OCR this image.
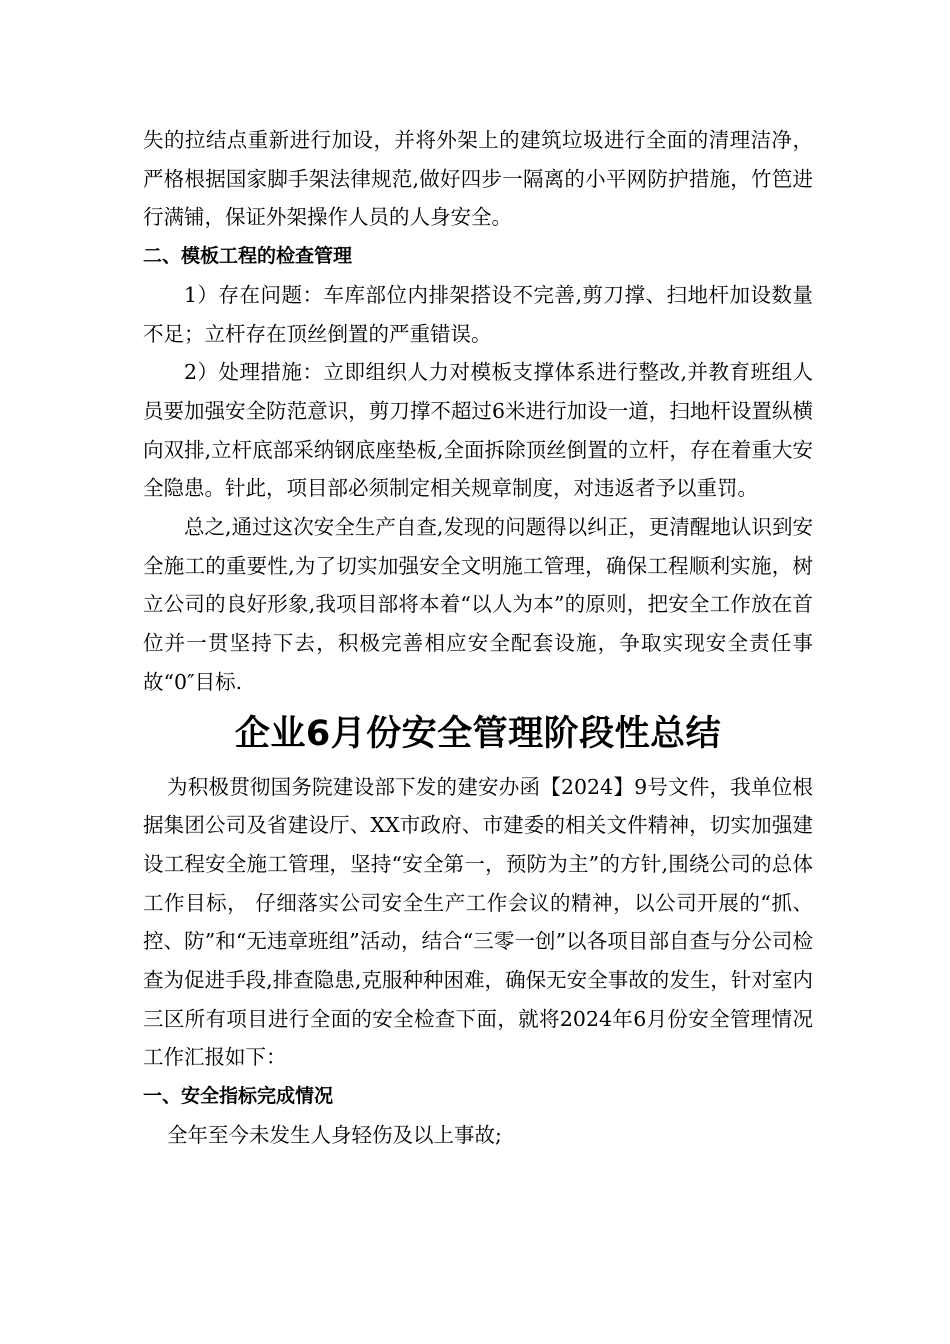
失的拉结点重新进行加设，并将外架上的建筑垃圾进行全面的清理洁净，严格根据国家脚手架法律规范,做好四步一隔离的小平网防护措施，竹笆进行满铺，保证外架操作人员的人身安全。

二、模板工程的检查管理

1）存在问题：车库部位内排架搭设不完善,剪刀撑、扫地杆加设数量不足；立杆存在顶丝倒置的严重错误。

2）处理措施：立即组织人力对模板支撑体系进行整改,并教育班组人员要加强安全防范意识，剪刀撑不超过6米进行加设一道，扫地杆设置纵横向双排,立杆底部采纳钢底座垫板,全面拆除顶丝倒置的立杆，存在着重大安全隐患。针此，项目部必须制定相关规章制度，对违返者予以重罚。

总之,通过这次安全生产自查,发现的问题得以纠正，更清醒地认识到安全施工的重要性,为了切实加强安全文明施工管理，确保工程顺利实施，树立公司的良好形象,我项目部将本着“以人为本”的原则，把安全工作放在首位并一贯坚持下去，积极完善相应安全配套设施，争取实现安全责任事故“0″目标.

企业6月份安全管理阶段性总结

为积极贯彻国务院建设部下发的建安办函【2024】9号文件，我单位根据集团公司及省建设厅、XX市政府、市建委的相关文件精神，切实加强建设工程安全施工管理，坚持“安全第一，预防为主”的方针,围绕公司的总体工作目标， 仔细落实公司安全生产工作会议的精神，以公司开展的“抓、控、防”和“无违章班组”活动，结合“三零一创”以各项目部自查与分公司检查为促进手段,排查隐患,克服种种困难，确保无安全事故的发生，针对室内三区所有项目进行全面的安全检查下面，就将2024年6月份安全管理情况工作汇报如下：

一、安全指标完成情况

全年至今未发生人身轻伤及以上事故;
